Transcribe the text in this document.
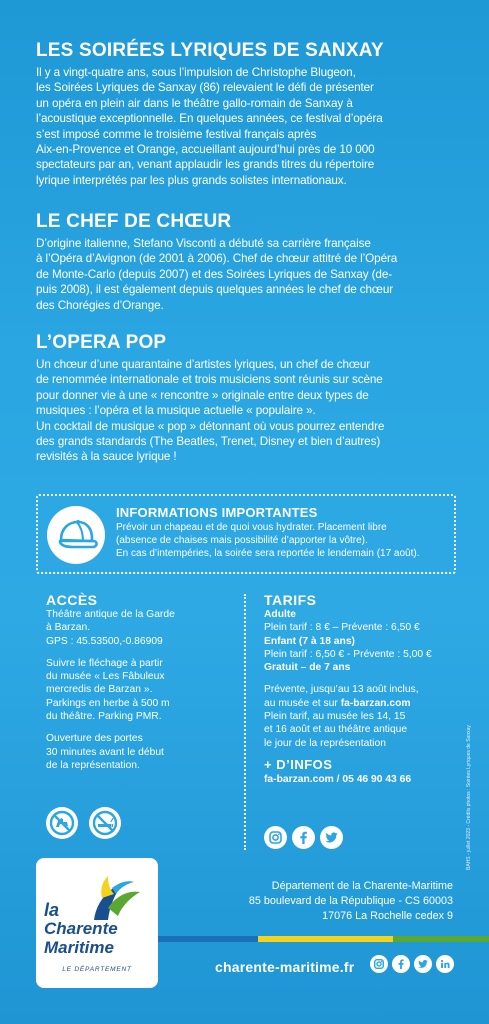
LES SOIRÉES LYRIQUES DE SANXAY

Il y a vingt-quatre ans, sous l’impulsion de Christophe Blugeon,

les Soirées Lyriques de Sanxay (86) relevaient le défi de présenter

un opéra en plein air dans le théâtre gallo-romain de Sanxay à

l’acoustique exceptionnelle. En quelques années, ce festival d’opéra

s’est imposé comme le troisième festival français après

Aix-en-Provence et Orange, accueillant aujourd’hui près de 10 000

spectateurs par an, venant applaudir les grands titres du répertoire

lyrique interprétés par les plus grands solistes internationaux.

LE CHEF DE CHŒUR

D’origine italienne, Stefano Visconti a débuté sa carrière française

à l’Opéra d’Avignon (de 2001 à 2006). Chef de chœur attitré de l’Opéra

de Monte-Carlo (depuis 2007) et des Soirées Lyriques de Sanxay (de-

puis 2008), il est également depuis quelques années le chef de chœur

des Chorégies d’Orange.

L’OPERA POP

Un chœur d’une quarantaine d’artistes lyriques, un chef de chœur

de renommée internationale et trois musiciens sont réunis sur scène

pour donner vie à une « rencontre » originale entre deux types de

musiques : l’opéra et la musique actuelle « populaire ».

Un cocktail de musique « pop » détonnant où vous pourrez entendre

des grands standards (The Beatles, Trenet, Disney et bien d’autres)

revisités à la sauce lyrique !

INFORMATIONS IMPORTANTES

Prévoir un chapeau et de quoi vous hydrater. Placement libre

(absence de chaises mais possibilité d’apporter la vôtre).

En cas d’intempéries, la soirée sera reportée le lendemain (17 août).

ACCÈS

Théâtre antique de la Garde

à Barzan.

GPS : 45.53500,-0.86909

Suivre le fléchage à partir

du musée « Les Fâbuleux

mercredis de Barzan ».

Parkings en herbe à 500 m

du théâtre. Parking PMR.

Ouverture des portes

30 minutes avant le début

de la représentation.

TARIFS

Adulte

Plein tarif : 8 € – Prévente : 6,50 €

Enfant (7 à 18 ans)

Plein tarif : 6,50 € - Prévente : 5,00 €

Gratuit – de 7 ans

Prévente, jusqu’au 13 août inclus,

au musée et sur fa-barzan.com

Plein tarif, au musée les 14, 15

et 16 août et au théâtre antique

le jour de la représentation

+ D’INFOS
fa-barzan.com / 05 46 90 43 66
la
Charente
Maritime
LE DÉPARTEMENT

Département de la Charente-Maritime

85 boulevard de la République - CS 60003

17076 La Rochelle cedex 9

charente-maritime.fr
BAHS - juillet 2023 - Crédits photos : Soirées Lyriques de Sanxay
